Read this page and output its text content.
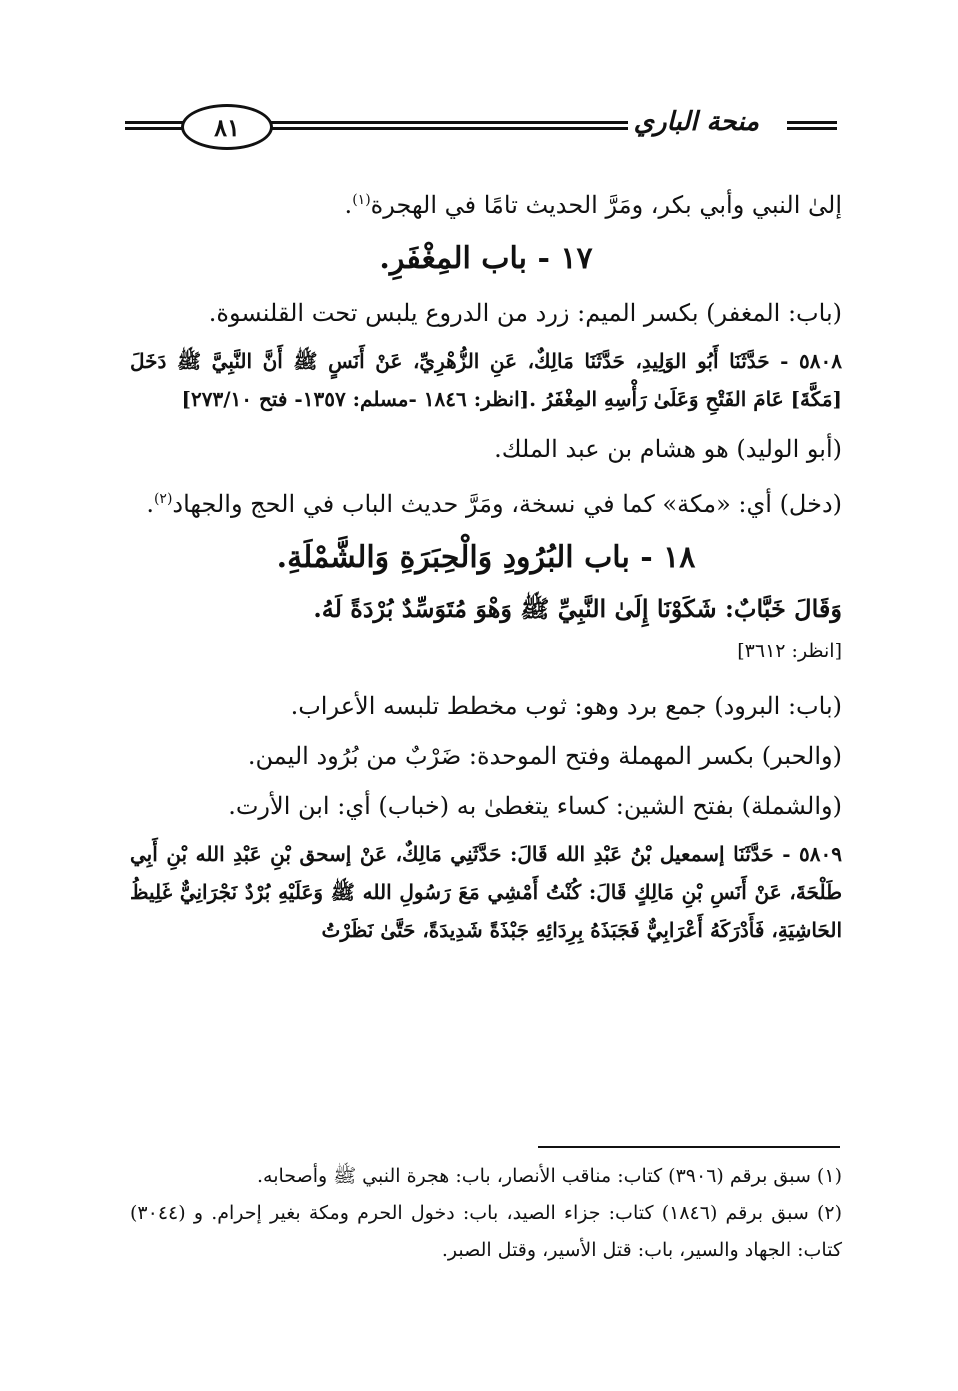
٨١	منحة الباري

إلىٰ النبي وأبي بكر، ومَرَّ الحديث تامًا في الهجرة$^{(١)}$.

١٧ - باب المِغْفَرِ.

(باب: المغفر) بكسر الميم: زرد من الدروع يلبس تحت القلنسوة.

٥٨٠٨ - حَدَّثَنَا أَبُو الوَلِيدِ، حَدَّثَنَا مَالِكٌ، عَنِ الزُّهْرِيِّ، عَنْ أَنَسٍ ﷺ أَنَّ النَّبِيَّ ﷺ دَخَلَ [مَكَّةَ] عَامَ الفَتْحِ وَعَلَىٰ رَأْسِهِ المِغْفَرُ .[انظر: ١٨٤٦ -مسلم: ١٣٥٧- فتح ٢٧٣/١٠]

(أبو الوليد) هو هشام بن عبد الملك.

(دخل) أي: «مكة» كما في نسخة، ومَرَّ حديث الباب في الحج والجهاد$^{(٢)}$.

١٨ - باب البُرُودِ وَالْحِبَرَةِ وَالشَّمْلَةِ.

وَقَالَ خَبَّابٌ: شَكَوْنَا إِلَىٰ النَّبِيِّ ﷺ وَهْوَ مُتَوَسِّدٌ بُرْدَةً لَهُ.

[انظر: ٣٦١٢]

(باب: البرود) جمع برد وهو: ثوب مخطط تلبسه الأعراب.

(والحبر) بكسر المهملة وفتح الموحدة: ضَرْبٌ من بُرُود اليمن.

(والشملة) بفتح الشين: كساء يتغطىٰ به (خباب) أي: ابن الأرت.

٥٨٠٩ - حَدَّثَنَا إسمعيل بْنُ عَبْدِ الله قَالَ: حَدَّثَنِي مَالِكٌ، عَنْ إسحق بْنِ عَبْدِ الله بْنِ أَبِي طَلْحَةَ، عَنْ أَنَسِ بْنِ مَالِكٍ قَالَ: كُنْتُ أَمْشِي مَعَ رَسُولِ الله ﷺ وَعَلَيْهِ بُرْدٌ نَجْرَانِيٌّ غَلِيظُ الحَاشِيَةِ، فَأَدْرَكَهُ أَعْرَابِيٌّ فَجَبَذَهُ بِرِدَائِهِ جَبْذَةً شَدِيدَةً، حَتَّىٰ نَظَرْتُ

(١) سبق برقم (٣٩٠٦) كتاب: مناقب الأنصار، باب: هجرة النبي ﷺ وأصحابه.

(٢) سبق برقم (١٨٤٦) كتاب: جزاء الصيد، باب: دخول الحرم ومكة بغير إحرام. و (٣٠٤٤) كتاب: الجهاد والسير، باب: قتل الأسير، وقتل الصبر.
